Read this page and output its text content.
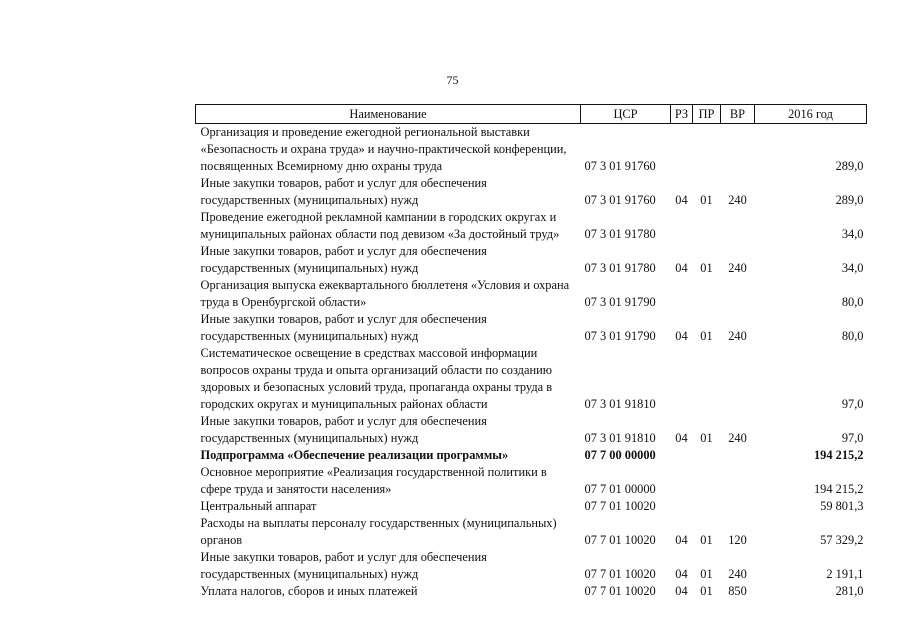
75
Наименование	ЦСР	РЗ	ПР	ВР	2016 год
Организация и проведение ежегодной региональной выставки «Безопасность и охрана труда» и научно-практической конференции, посвященных Всемирному дню охраны труда	07 3 01 91760				289,0
Иные закупки товаров, работ и услуг для обеспечения государственных (муниципальных) нужд	07 3 01 91760	04	01	240	289,0
Проведение ежегодной рекламной кампании в городских округах и муниципальных районах области под девизом «За достойный труд»	07 3 01 91780				34,0
Иные закупки товаров, работ и услуг для обеспечения государственных (муниципальных) нужд	07 3 01 91780	04	01	240	34,0
Организация выпуска ежеквартального бюллетеня «Условия и охрана труда в Оренбургской области»	07 3 01 91790				80,0
Иные закупки товаров, работ и услуг для обеспечения государственных (муниципальных) нужд	07 3 01 91790	04	01	240	80,0
Систематическое освещение в средствах массовой информации вопросов охраны труда и опыта организаций области по созданию здоровых и безопасных условий труда, пропаганда охраны труда в городских округах и муниципальных районах области	07 3 01 91810				97,0
Иные закупки товаров, работ и услуг для обеспечения государственных (муниципальных) нужд	07 3 01 91810	04	01	240	97,0
Подпрограмма «Обеспечение реализации программы»	07 7 00 00000				194 215,2
Основное мероприятие «Реализация государственной политики в сфере труда и занятости населения»	07 7 01 00000				194 215,2
Центральный аппарат	07 7 01 10020				59 801,3
Расходы на выплаты персоналу государственных (муниципальных) органов	07 7 01 10020	04	01	120	57 329,2
Иные закупки товаров, работ и услуг для обеспечения государственных (муниципальных) нужд	07 7 01 10020	04	01	240	2 191,1
Уплата налогов, сборов и иных платежей	07 7 01 10020	04	01	850	281,0
